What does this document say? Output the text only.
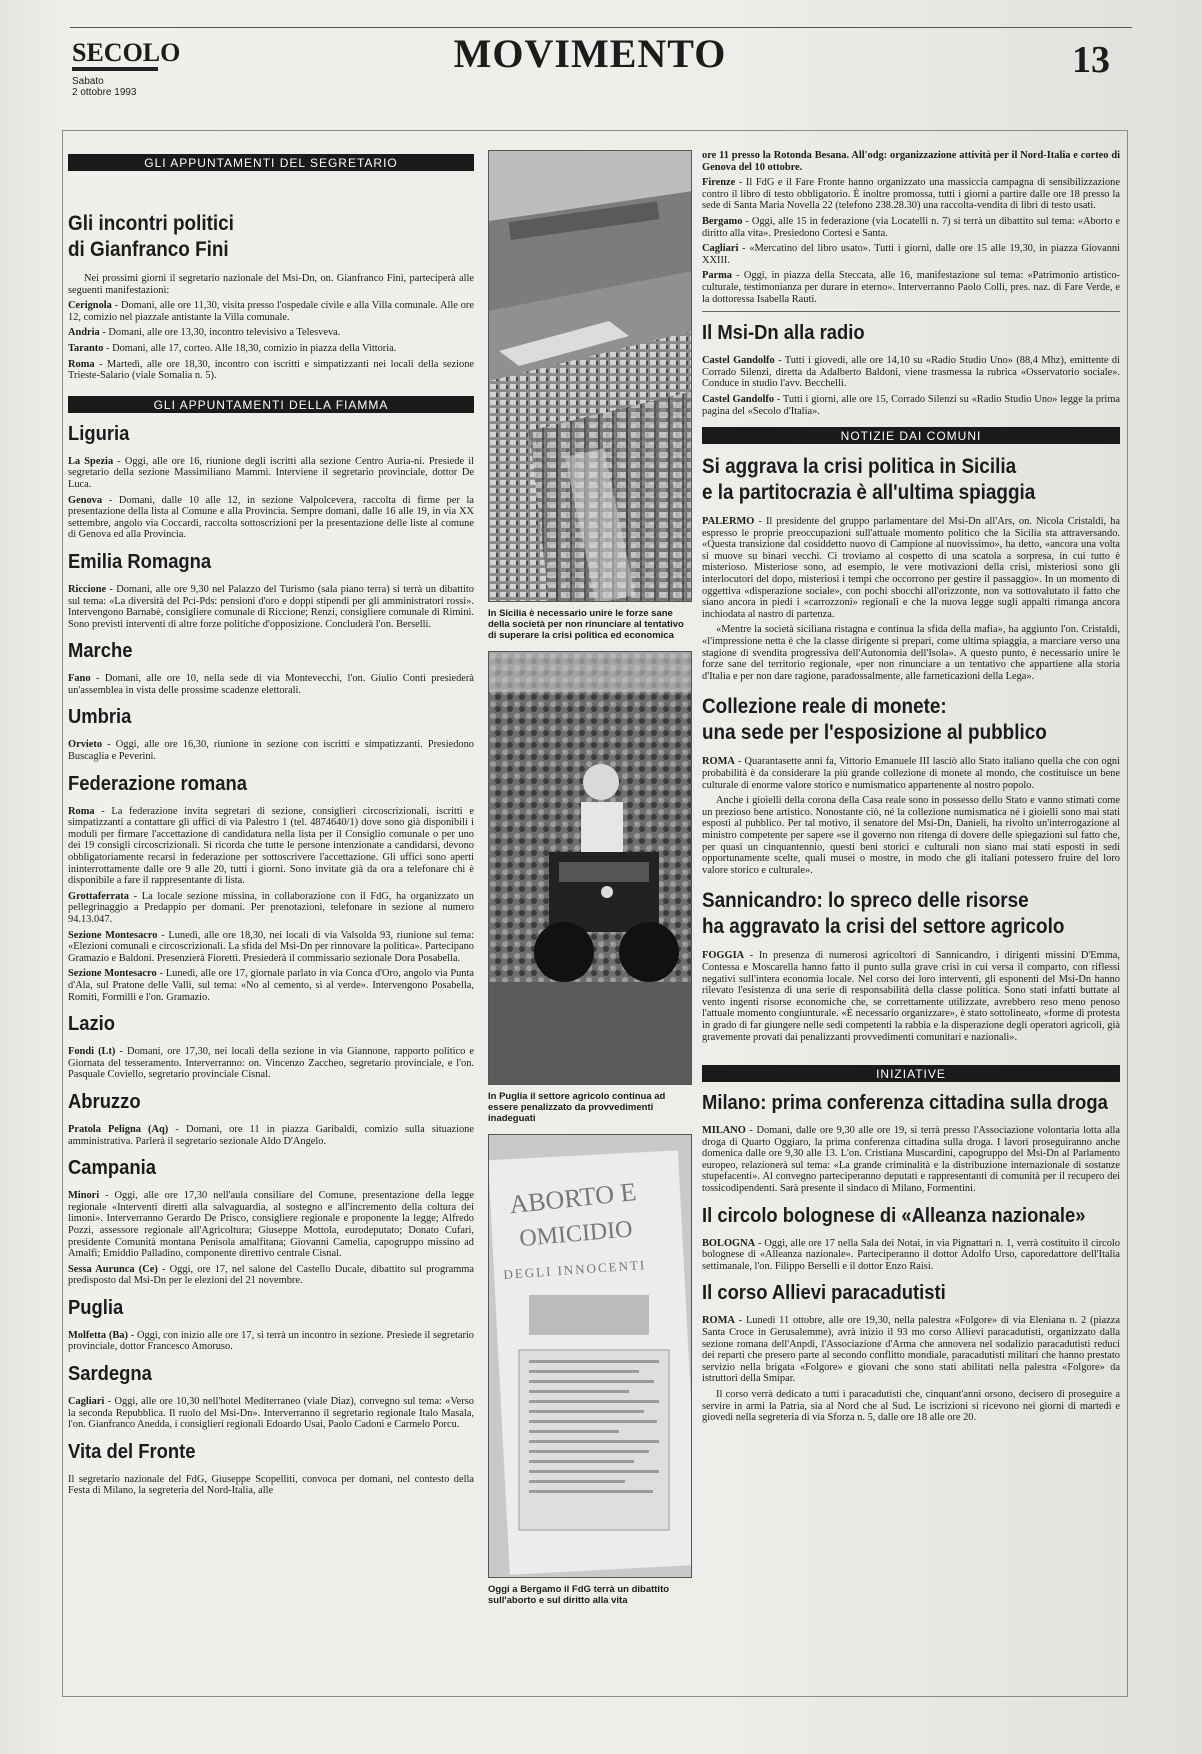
SECOLO
Sabato
2 ottobre 1993
MOVIMENTO	13
GLI APPUNTAMENTI DEL SEGRETARIO
Gli incontri politici
di Gianfranco Fini

Nei prossimi giorni il segretario nazionale del Msi-Dn, on. Gianfranco Fini, parteciperà alle seguenti manifestazioni:

Cerignola - Domani, alle ore 11,30, visita presso l'ospedale civile e alla Villa comunale. Alle ore 12, comizio nel piazzale antistante la Villa comunale.

Andria - Domani, alle ore 13,30, incontro televisivo a Telesveva.

Taranto - Domani, alle 17, corteo. Alle 18,30, comizio in piazza della Vittoria.

Roma - Martedì, alle ore 18,30, incontro con iscritti e simpatizzanti nei locali della sezione Trieste-Salario (viale Somalia n. 5).

GLI APPUNTAMENTI DELLA FIAMMA
Liguria

La Spezia - Oggi, alle ore 16, riunione degli iscritti alla sezione Centro Auria-ni. Presiede il segretario della sezione Massimiliano Mammi. Interviene il segretario provinciale, dottor De Luca.

Genova - Domani, dalle 10 alle 12, in sezione Valpolcevera, raccolta di firme per la presentazione della lista al Comune e alla Provincia. Sempre domani, dalle 16 alle 19, in via XX settembre, angolo via Coccardi, raccolta sottoscrizioni per la presentazione delle liste al comune di Genova ed alla Provincia.

Emilia Romagna

Riccione - Domani, alle ore 9,30 nel Palazzo del Turismo (sala piano terra) si terrà un dibattito sul tema: «La diversità del Pci-Pds: pensioni d'oro e doppi stipendi per gli amministratori rossi». Intervengono Barnabè, consigliere comunale di Riccione; Renzi, consigliere comunale di Rimini. Sono previsti interventi di altre forze politiche d'opposizione. Concluderà l'on. Berselli.

Marche

Fano - Domani, alle ore 10, nella sede di via Montevecchi, l'on. Giulio Conti presiederà un'assemblea in vista delle prossime scadenze elettorali.

Umbria

Orvieto - Oggi, alle ore 16,30, riunione in sezione con iscritti e simpatizzanti. Presiedono Buscaglia e Peverini.

Federazione romana

Roma - La federazione invita segretari di sezione, consiglieri circoscrizionali, iscritti e simpatizzanti a contattare gli uffici di via Palestro 1 (tel. 4874640/1) dove sono già disponibili i moduli per firmare l'accettazione di candidatura nella lista per il Consiglio comunale o per uno dei 19 consigli circoscrizionali. Si ricorda che tutte le persone intenzionate a candidarsi, devono obbligatoriamente recarsi in federazione per sottoscrivere l'accettazione. Gli uffici sono aperti ininterrottamente dalle ore 9 alle 20, tutti i giorni. Sono invitate già da ora a telefonare chi è disponibile a fare il rappresentante di lista.

Grottaferrata - La locale sezione missina, in collaborazione con il FdG, ha organizzato un pellegrinaggio a Predappio per domani. Per prenotazioni, telefonare in sezione al numero 94.13.047.

Sezione Montesacro - Lunedì, alle ore 18,30, nei locali di via Valsolda 93, riunione sul tema: «Elezioni comunali e circoscrizionali. La sfida del Msi-Dn per rinnovare la politica». Partecipano Gramazio e Baldoni. Presenzierà Fioretti. Presiederà il commissario sezionale Dora Posabella.

Sezione Montesacro - Lunedì, alle ore 17, giornale parlato in via Conca d'Oro, angolo via Punta d'Ala, sul Pratone delle Valli, sul tema: «No al cemento, sì al verde». Intervengono Posabella, Romiti, Formilli e l'on. Gramazio.

Lazio

Fondi (Lt) - Domani, ore 17,30, nei locali della sezione in via Giannone, rapporto politico e Giornata del tesseramento. Interverranno: on. Vincenzo Zaccheo, segretario provinciale, e l'on. Pasquale Coviello, segretario provinciale Cisnal.

Abruzzo

Pratola Peligna (Aq) - Domani, ore 11 in piazza Garibaldi, comizio sulla situazione amministrativa. Parlerà il segretario sezionale Aldo D'Angelo.

Campania

Minori - Oggi, alle ore 17,30 nell'aula consiliare del Comune, presentazione della legge regionale «Interventi diretti alla salvaguardia, al sostegno e all'incremento della coltura dei limoni». Interverranno Gerardo De Prisco, consigliere regionale e proponente la legge; Alfredo Pozzi, assessore regionale all'Agricoltura; Giuseppe Mottola, eurodeputato; Donato Cufari, presidente Comunità montana Penisola amalfitana; Giovanni Camelia, capogruppo missino ad Amalfi; Emiddio Palladino, componente direttivo centrale Cisnal.

Sessa Aurunca (Ce) - Oggi, ore 17, nel salone del Castello Ducale, dibattito sul programma predisposto dal Msi-Dn per le elezioni del 21 novembre.

Puglia

Molfetta (Ba) - Oggi, con inizio alle ore 17, si terrà un incontro in sezione. Presiede il segretario provinciale, dottor Francesco Amoruso.

Sardegna

Cagliari - Oggi, alle ore 10,30 nell'hotel Mediterraneo (viale Diaz), convegno sul tema: «Verso la seconda Repubblica. Il ruolo del Msi-Dn». Interverranno il segretario regionale Italo Masala, l'on. Gianfranco Anedda, i consiglieri regionali Edoardo Usai, Paolo Cadoni e Carmelo Porcu.

Vita del Fronte

Il segretario nazionale del FdG, Giuseppe Scopelliti, convoca per domani, nel contesto della Festa di Milano, la segreteria del Nord-Italia, alle

In Sicilia è necessario unire le forze sane della società per non rinunciare al tentativo di superare la crisi politica ed economica
In Puglia il settore agricolo continua ad essere penalizzato da provvedimenti inadeguati
ABORTO E
OMICIDIO
DEGLI INNOCENTI
Oggi a Bergamo il FdG terrà un dibattito sull'aborto e sul diritto alla vita

ore 11 presso la Rotonda Besana. All'odg: organizzazione attività per il Nord-Italia e corteo di Genova del 10 ottobre.

Firenze - Il FdG e il Fare Fronte hanno organizzato una massiccia campagna di sensibilizzazione contro il libro di testo obbligatorio. È inoltre promossa, tutti i giorni a partire dalle ore 18 presso la sede di Santa Maria Novella 22 (telefono 238.28.30) una raccolta-vendita di libri di testo usati.

Bergamo - Oggi, alle 15 in federazione (via Locatelli n. 7) si terrà un dibattito sul tema: «Aborto e diritto alla vita». Presiedono Cortesi e Santa.

Cagliari - «Mercatino del libro usato». Tutti i giorni, dalle ore 15 alle 19,30, in piazza Giovanni XXIII.

Parma - Oggi, in piazza della Steccata, alle 16, manifestazione sul tema: «Patrimonio artistico-culturale, testimonianza per durare in eterno». Interverranno Paolo Colli, pres. naz. di Fare Verde, e la dottoressa Isabella Rauti.

Il Msi-Dn alla radio

Castel Gandolfo - Tutti i giovedì, alle ore 14,10 su «Radio Studio Uno» (88,4 Mhz), emittente di Corrado Silenzi, diretta da Adalberto Baldoni, viene trasmessa la rubrica «Osservatorio sociale». Conduce in studio l'avv. Becchelli.

Castel Gandolfo - Tutti i giorni, alle ore 15, Corrado Silenzi su «Radio Studio Uno» legge la prima pagina del «Secolo d'Italia».

NOTIZIE DAI COMUNI
Si aggrava la crisi politica in Sicilia
e la partitocrazia è all'ultima spiaggia

PALERMO - Il presidente del gruppo parlamentare del Msi-Dn all'Ars, on. Nicola Cristaldi, ha espresso le proprie preoccupazioni sull'attuale momento politico che la Sicilia sta attraversando. «Questa transizione dal cosiddetto nuovo di Campione al nuovissimo», ha detto, «ancora una volta si muove su binari vecchi. Ci troviamo al cospetto di una scatola a sorpresa, in cui tutto è misterioso. Misteriose sono, ad esempio, le vere motivazioni della crisi, misteriosi sono gli interlocutori del dopo, misteriosi i tempi che occorrono per gestire il passaggio». In un momento di oggettiva «disperazione sociale», con pochi sbocchi all'orizzonte, non va sottovalutato il fatto che siano ancora in piedi i «carrozzoni» regionali e che la nuova legge sugli appalti rimanga ancora inchiodata al nastro di partenza.

«Mentre la società siciliana ristagna e continua la sfida della mafia», ha aggiunto l'on. Cristaldi, «l'impressione netta è che la classe dirigente si prepari, come ultima spiaggia, a marciare verso una stagione di svendita progressiva dell'Autonomia dell'Isola». A questo punto, è necessario unire le forze sane del territorio regionale, «per non rinunciare a un tentativo che appartiene alla storia d'Italia e per non dare ragione, paradossalmente, alle farneticazioni della Lega».

Collezione reale di monete:
una sede per l'esposizione al pubblico

ROMA - Quarantasette anni fa, Vittorio Emanuele III lasciò allo Stato italiano quella che con ogni probabilità è da considerare la più grande collezione di monete al mondo, che costituisce un bene culturale di enorme valore storico e numismatico appartenente al nostro popolo.

Anche i gioielli della corona della Casa reale sono in possesso dello Stato e vanno stimati come un prezioso bene artistico. Nonostante ciò, né la collezione numismatica né i gioielli sono mai stati esposti al pubblico. Per tal motivo, il senatore del Msi-Dn, Danieli, ha rivolto un'interrogazione al ministro competente per sapere «se il governo non ritenga di dovere delle spiegazioni sul fatto che, per quasi un cinquantennio, questi beni storici e culturali non siano mai stati esposti in sedi opportunamente scelte, quali musei o mostre, in modo che gli italiani potessero fruire del loro valore storico e culturale».

Sannicandro: lo spreco delle risorse
ha aggravato la crisi del settore agricolo

FOGGIA - In presenza di numerosi agricoltori di Sannicandro, i dirigenti missini D'Emma, Contessa e Moscarella hanno fatto il punto sulla grave crisi in cui versa il comparto, con riflessi negativi sull'intera economia locale. Nel corso dei loro interventi, gli esponenti del Msi-Dn hanno rilevato l'esistenza di una serie di responsabilità della classe politica. Sono stati infatti buttate al vento ingenti risorse economiche che, se correttamente utilizzate, avrebbero reso meno penoso l'attuale momento congiunturale. «È necessario organizzare», è stato sottolineato, «forme di protesta in grado di far giungere nelle sedi competenti la rabbia e la disperazione degli operatori agricoli, già gravemente provati dai penalizzanti provvedimenti comunitari e nazionali».

INIZIATIVE
Milano: prima conferenza cittadina sulla droga

MILANO - Domani, dalle ore 9,30 alle ore 19, si terrà presso l'Associazione volontaria lotta alla droga di Quarto Oggiaro, la prima conferenza cittadina sulla droga. I lavori proseguiranno anche domenica dalle ore 9,30 alle 13. L'on. Cristiana Muscardini, capogruppo del Msi-Dn al Parlamento europeo, relazionerà sul tema: «La grande criminalità e la distribuzione internazionale di sostanze stupefacenti». Al convegno parteciperanno deputati e rappresentanti di comunità per il recupero dei tossicodipendenti. Sarà presente il sindaco di Milano, Formentini.

Il circolo bolognese di «Alleanza nazionale»

BOLOGNA - Oggi, alle ore 17 nella Sala dei Notai, in via Pignattari n. 1, verrà costituito il circolo bolognese di «Alleanza nazionale». Parteciperanno il dottor Adolfo Urso, caporedattore dell'Italia settimanale, l'on. Filippo Berselli e il dottor Enzo Raisi.

Il corso Allievi paracadutisti

ROMA - Lunedì 11 ottobre, alle ore 19,30, nella palestra «Folgore» di via Eleniana n. 2 (piazza Santa Croce in Gerusalemme), avrà inizio il 93 mo corso Allievi paracadutisti, organizzato dalla sezione romana dell'Anpdi, l'Associazione d'Arma che annovera nel sodalizio paracadutisti reduci dei reparti che presero parte al secondo conflitto mondiale, paracadutisti militari che hanno prestato servizio nella brigata «Folgore» e giovani che sono stati abilitati nella palestra «Folgore» da istruttori della Smipar.

Il corso verrà dedicato a tutti i paracadutisti che, cinquant'anni orsono, decisero di proseguire a servire in armi la Patria, sia al Nord che al Sud. Le iscrizioni si ricevono nei giorni di martedì e giovedì nella segreteria di via Sforza n. 5, dalle ore 18 alle ore 20.
